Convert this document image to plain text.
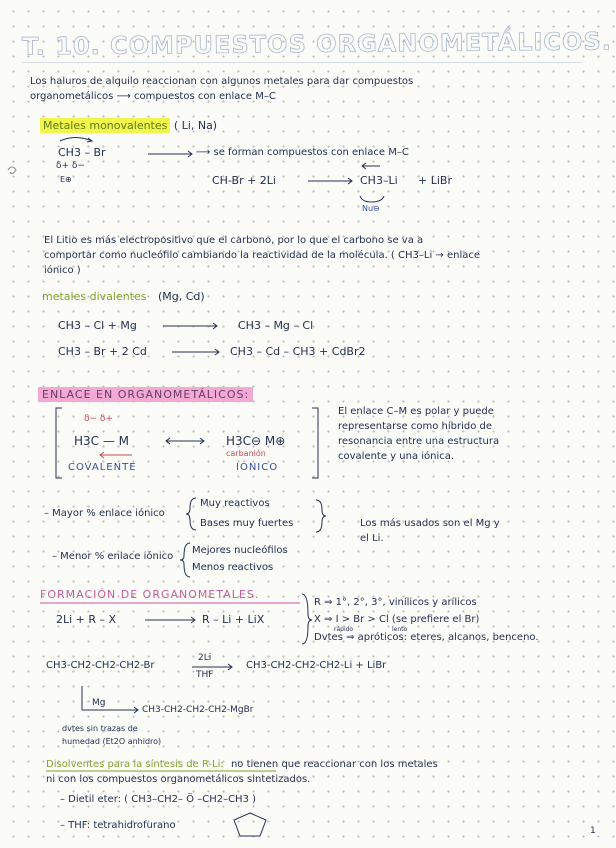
T. 10. COMPUESTOS ORGANOMETÁLICOS.
Los haluros de alquilo reaccionan con algunos metales para dar compuestos
organometálicos ⟶ compuestos con enlace M–C
Metales monovalentes ( Li, Na)
CH3 – Br
δ+ δ−
E⊕
⟶ se forman compuestos con enlace M–C
CH-Br + 2Li	CH3–Li + LiBr
Nu⊖
El Litio es más electropositivo que el carbono, por lo que el carbono se va a
comportar como nucleófilo cambiando la reactividad de la molécula. ( CH3–Li → enlace
iónico )
metales divalentes (Mg, Cd)
CH3 – Cl + Mg	CH3 – Mg – Cl
CH3 – Br + 2 Cd	CH3 – Cd – CH3 + CdBr2
ENLACE EN ORGANOMETÁLICOS:
δ− δ+
H3C — M
COVALENTE
H3C⊖ M⊕
carbanión
IÓNICO
El enlace C–M es polar y puede
representarse como híbrido de
resonancia entre una estructura
covalente y una iónica.
– Mayor % enlace iónico
Muy reactivos
Bases muy fuertes	Los más usados son el Mg y
el Li.
– Menor % enlace iónico
Mejores nucleófilos
Menos reactivos
FORMACIÓN DE ORGANOMETALES.
2Li + R – X	R – Li + LiX
R ⇒ 1°, 2°, 3°, vinílicos y arílicos
X ⇒ I > Br > Cl (se prefiere el Br)
rápido	lento
Dvtes ⇒ apróticos: eteres, alcanos, benceno.
CH3-CH2-CH2-CH2-Br
2Li
THF
CH3-CH2-CH2-CH2-Li + LiBr
Mg
CH3-CH2-CH2-CH2-MgBr
dvtes sin trazas de
humedad (Et2O anhidro)
Disolventes para la síntesis de R-Li: no tienen que reaccionar con los metales
ni con los compuestos organometálicos sintetizados.
– Dietil eter: ( CH3–CH2– Ö –CH2–CH3 )
– THF: tetrahidrofurano	1
